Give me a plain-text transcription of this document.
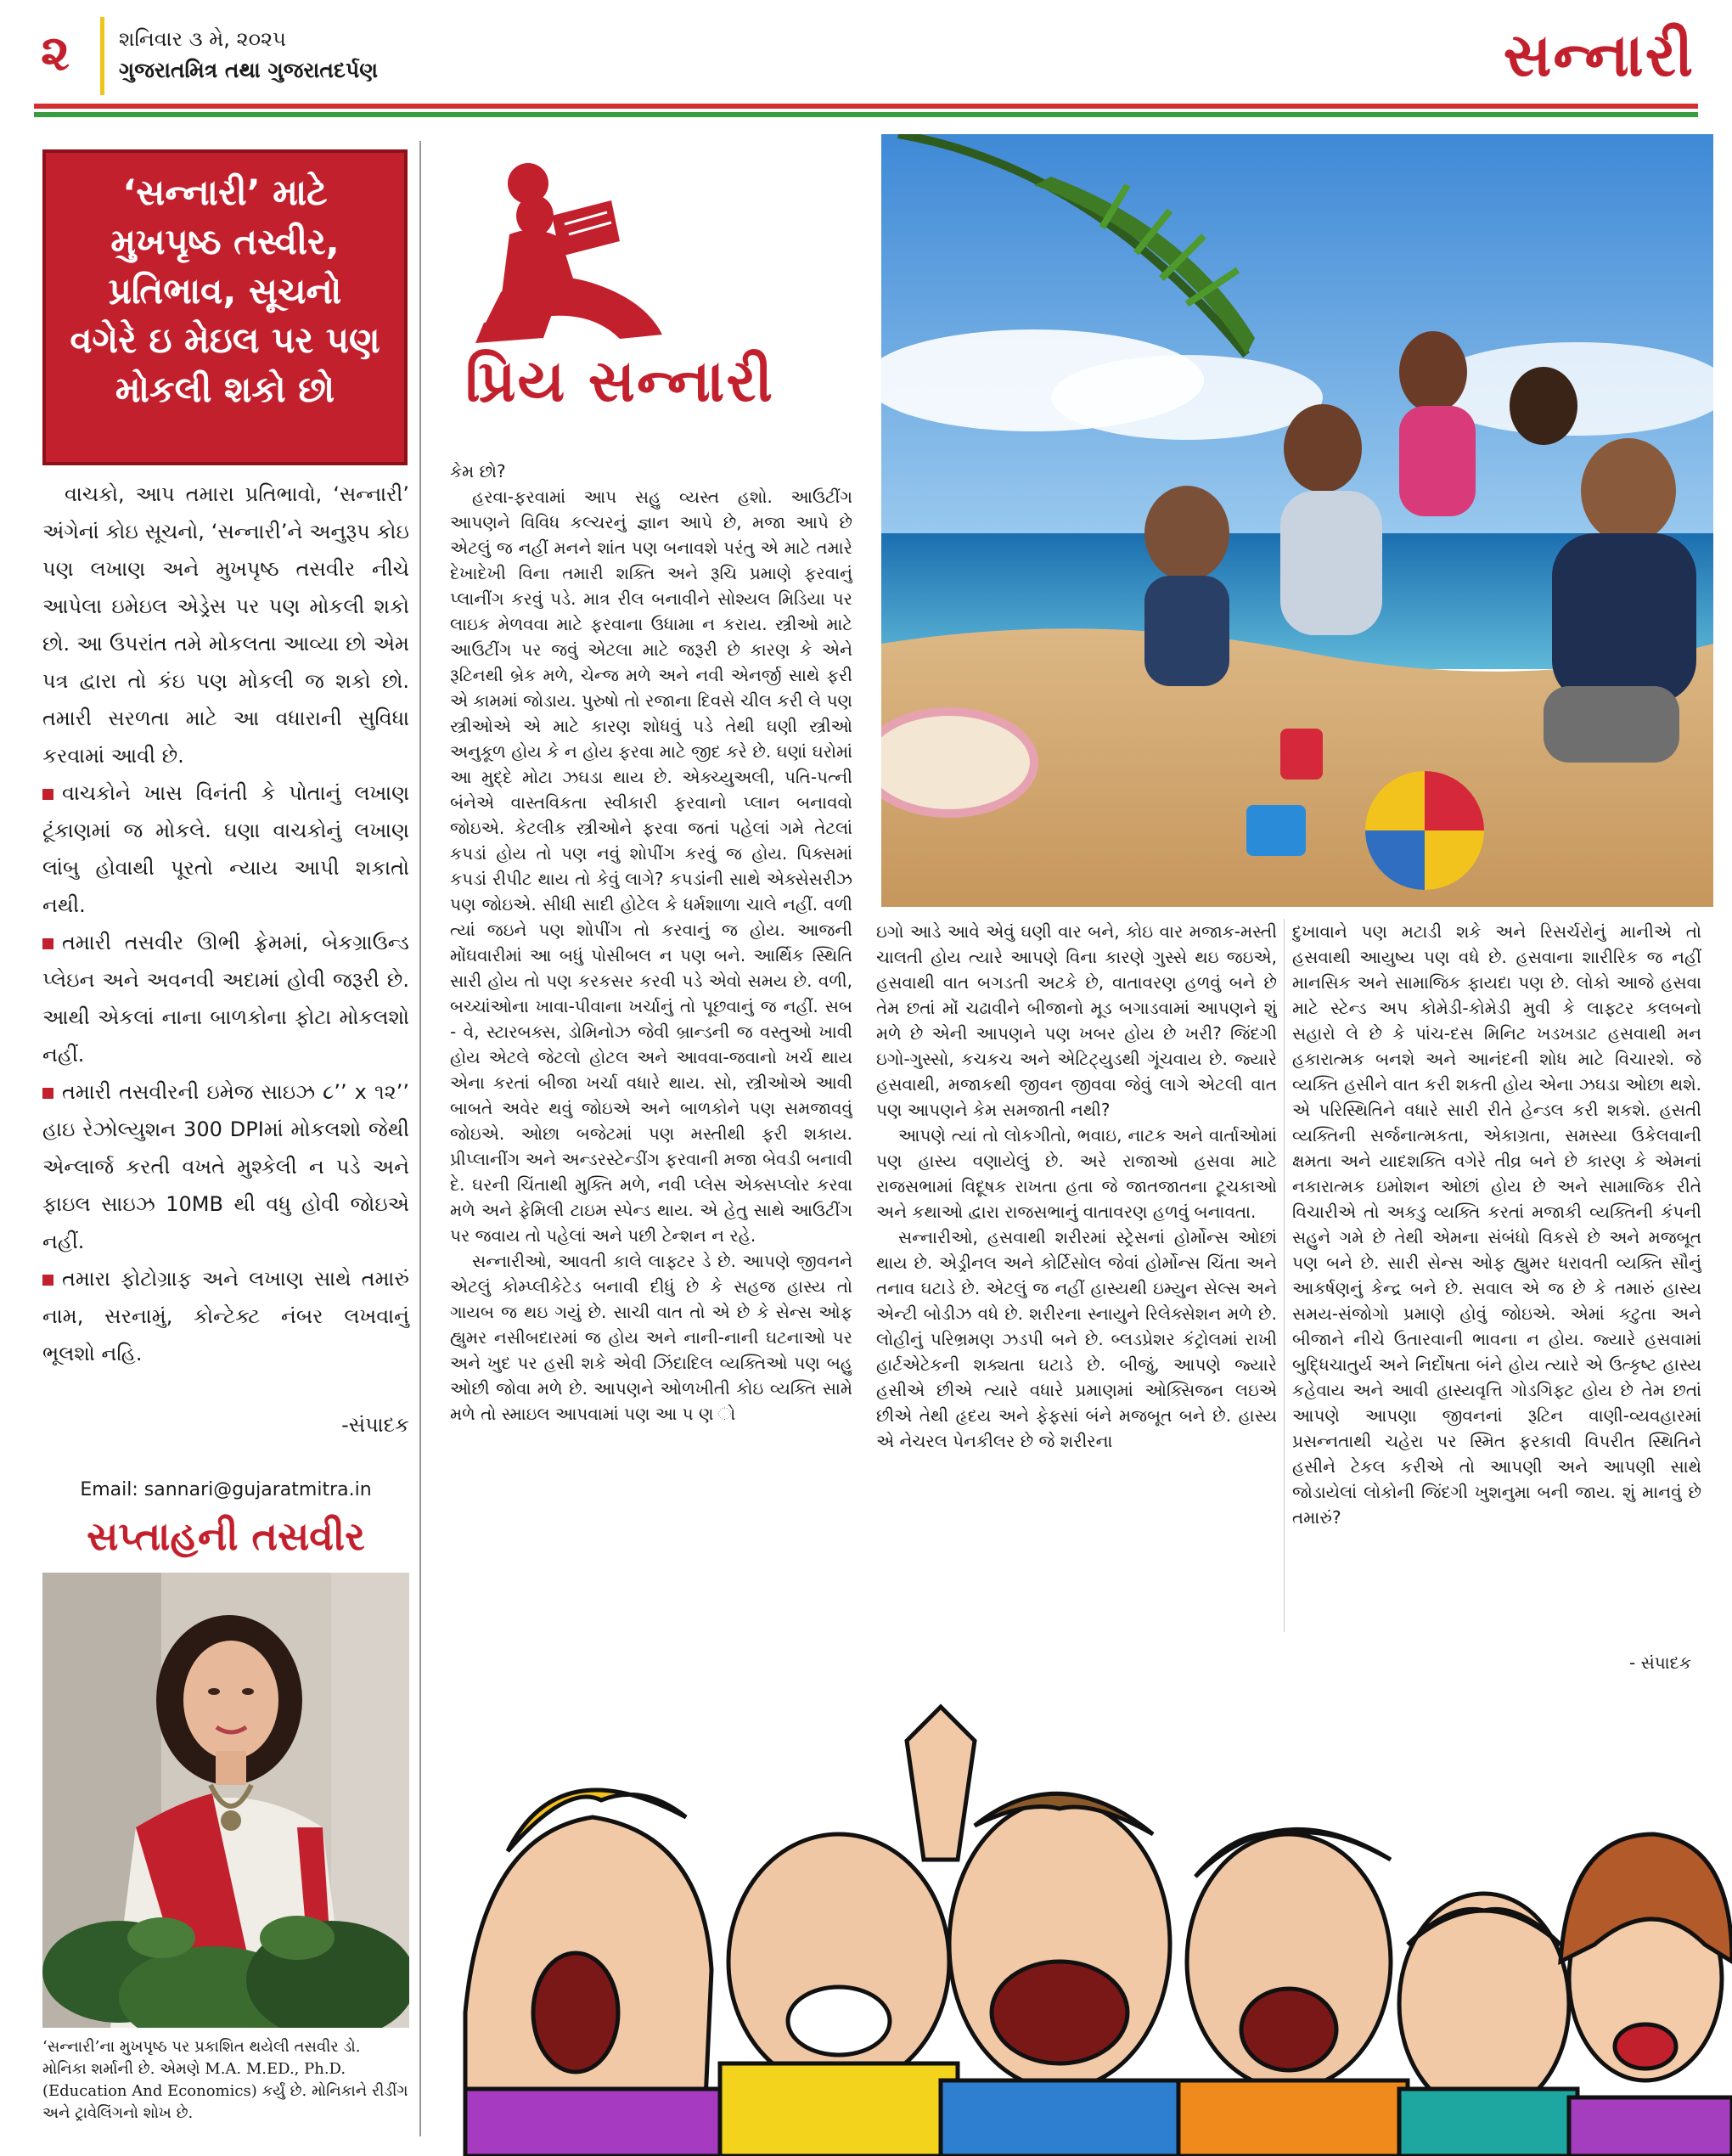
૨ શનિવાર ૩ મે, ૨૦૨૫
ગુજરાતમિત્ર તથા ગુજરાતદર્પણ	સન્નારી
‘સન્નારી’ માટે
મુખપૃષ્ઠ તસ્વીર,
પ્રતિભાવ, સૂચનો
વગેરે ઇ મેઇલ પર પણ
મોકલી શકો છો

વાચકો, આપ તમારા પ્રતિભાવો, ‘સન્નારી’ અંગેનાં કોઇ સૂચનો, ‘સન્નારી’ને અનુરૂપ કોઇ પણ લખાણ અને મુખપૃષ્ઠ તસવીર નીચે આપેલા ઇમેઇલ એડ્રેસ પર પણ મોકલી શકો છો. આ ઉપરાંત તમે મોકલતા આવ્યા છો એમ પત્ર દ્વારા તો કંઇ પણ મોકલી જ શકો છો. તમારી સરળતા માટે આ વધારાની સુવિધા કરવામાં આવી છે.

વાચકોને ખાસ વિનંતી કે પોતાનું લખાણ ટૂંકાણમાં જ મોકલે. ઘણા વાચકોનું લખાણ લાંબુ હોવાથી પૂરતો ન્યાય આપી શકાતો નથી.

તમારી તસવીર ઊભી ફ્રેમમાં, બેકગ્રાઉન્ડ પ્લેઇન અને અવનવી અદામાં હોવી જરૂરી છે. આથી એકલાં નાના બાળકોના ફોટા મોકલશો નહીં.

તમારી તસવીરની ઇમેજ સાઇઝ ૮’’ x ૧૨’’ હાઇ રેઝોલ્યુશન 300 DPIમાં મોકલશો જેથી એન્લાર્જ કરતી વખતે મુશ્કેલી ન પડે અને ફાઇલ સાઇઝ 10MB થી વધુ હોવી જોઇએ નહીં.

તમારા ફોટોગ્રાફ અને લખાણ સાથે તમારું નામ, સરનામું, કોન્ટેક્ટ નંબર લખવાનું ભૂલશો નહિ.

-સંપાદક
Email: sannari@gujaratmitra.in
સપ્તાહની તસવીર
‘સન્નારી’ના મુખપૃષ્ઠ પર પ્રકાશિત થયેલી તસવીર ડો. મોનિકા શર્માની છે. એમણે M.A. M.ED., Ph.D. (Education And Economics) કર્યું છે. મોનિકાને રીડીંગ અને ટ્રાવેલિંગનો શોખ છે.
પ્રિય સન્નારી

કેમ છો?

હરવા-ફરવામાં આપ સહુ વ્યસ્ત હશો. આઉટીંગ આપણને વિવિધ કલ્ચરનું જ્ઞાન આપે છે, મજા આપે છે એટલું જ નહીં મનને શાંત પણ બનાવશે પરંતુ એ માટે તમારે દેખાદેખી વિના તમારી શક્તિ અને રૂચિ પ્રમાણે ફરવાનું પ્લાનીંગ કરવું પડે. માત્ર રીલ બનાવીને સોશ્યલ મિડિયા પર લાઇક મેળવવા માટે ફરવાના ઉધામા ન કરાય. સ્ત્રીઓ માટે આઉટીંગ પર જવું એટલા માટે જરૂરી છે કારણ કે એને રૂટિનથી બ્રેક મળે, ચેન્જ મળે અને નવી એનર્જી સાથે ફરી એ કામમાં જોડાય. પુરુષો તો રજાના દિવસે ચીલ કરી લે પણ સ્ત્રીઓએ એ માટે કારણ શોધવું પડે તેથી ઘણી સ્ત્રીઓ અનુકૂળ હોય કે ન હોય ફરવા માટે જીદ કરે છે. ઘણાં ઘરોમાં આ મુદ્દે મોટા ઝઘડા થાય છે. એક્ચ્યુઅલી, પતિ-પત્ની બંનેએ વાસ્તવિકતા સ્વીકારી ફરવાનો પ્લાન બનાવવો જોઇએ. કેટલીક સ્ત્રીઓને ફરવા જતાં પહેલાં ગમે તેટલાં કપડાં હોય તો પણ નવું શોપીંગ કરવું જ હોય. પિક્સમાં કપડાં રીપીટ થાય તો કેવું લાગે? કપડાંની સાથે એક્સેસરીઝ પણ જોઇએ. સીધી સાદી હોટેલ કે ધર્મશાળા ચાલે નહીં. વળી ત્યાં જઇને પણ શોપીંગ તો કરવાનું જ હોય. આજની મોંઘવારીમાં આ બધું પોસીબલ ન પણ બને. આર્થિક સ્થિતિ સારી હોય તો પણ કરકસર કરવી પડે એવો સમય છે. વળી, બચ્ચાંઓના ખાવા-પીવાના ખર્ચાનું તો પૂછવાનું જ નહીં. સબ - વે, સ્ટારબક્સ, ડોમિનોઝ જેવી બ્રાન્ડની જ વસ્તુઓ ખાવી હોય એટલે જેટલો હોટલ અને આવવા-જવાનો ખર્ચ થાય એના કરતાં બીજા ખર્ચા વધારે થાય. સો, સ્ત્રીઓએ આવી બાબતે અવેર થવું જોઇએ અને બાળકોને પણ સમજાવવું જોઇએ. ઓછા બજેટમાં પણ મસ્તીથી ફરી શકાય. પ્રીપ્લાનીંગ અને અન્ડરસ્ટેન્ડીંગ ફરવાની મજા બેવડી બનાવી દે. ઘરની ચિંતાથી મુક્તિ મળે, નવી પ્લેસ એક્સપ્લોર કરવા મળે અને ફેમિલી ટાઇમ સ્પેન્ડ થાય. એ હેતુ સાથે આઉટીંગ પર જવાય તો પહેલાં અને પછી ટેન્શન ન રહે.

સન્નારીઓ, આવતી કાલે લાફ્ટર ડે છે. આપણે જીવનને એટલું કોમ્પ્લીકેટેડ બનાવી દીધું છે કે સહજ હાસ્ય તો ગાયબ જ થઇ ગયું છે. સાચી વાત તો એ છે કે સેન્સ ઓફ હ્યુમર નસીબદારમાં જ હોય અને નાની-નાની ઘટનાઓ પર અને ખુદ પર હસી શકે એવી ઝિંદાદિલ વ્યક્તિઓ પણ બહુ ઓછી જોવા મળે છે. આપણને ઓળખીતી કોઇ વ્યક્તિ સામે મળે તો સ્માઇલ આપવામાં પણ આ પ ણ ો

ઇગો આડે આવે એવું ઘણી વાર બને, કોઇ વાર મજાક-મસ્તી ચાલતી હોય ત્યારે આપણે વિના કારણે ગુસ્સે થઇ જઇએ, હસવાથી વાત બગડતી અટકે છે, વાતાવરણ હળવું બને છે તેમ છતાં મોં ચઢાવીને બીજાનો મૂડ બગાડવામાં આપણને શું મળે છે એની આપણને પણ ખબર હોય છે ખરી? જિંદગી ઇગો-ગુસ્સો, કચકચ અને એટિટ્યુડથી ગૂંચવાય છે. જ્યારે હસવાથી, મજાકથી જીવન જીવવા જેવું લાગે એટલી વાત પણ આપણને કેમ સમજાતી નથી?

આપણે ત્યાં તો લોકગીતો, ભવાઇ, નાટક અને વાર્તાઓમાં પણ હાસ્ય વણાયેલું છે. અરે રાજાઓ હસવા માટે રાજસભામાં વિદૂષક રાખતા હતા જે જાતજાતના ટૂચકાઓ અને કથાઓ દ્વારા રાજસભાનું વાતાવરણ હળવું બનાવતા.

સન્નારીઓ, હસવાથી શરીરમાં સ્ટ્રેસનાં હોર્મોન્સ ઓછાં થાય છે. એડ્રીનલ અને કોર્ટિસોલ જેવાં હોર્મોન્સ ચિંતા અને તનાવ ઘટાડે છે. એટલું જ નહીં હાસ્યથી ઇમ્યુન સેલ્સ અને એન્ટી બોડીઝ વધે છે. શરીરના સ્નાયુને રિલેક્સેશન મળે છે. લોહીનું પરિભ્રમણ ઝડપી બને છે. બ્લડપ્રેશર કંટ્રોલમાં રાખી હાર્ટએટેકની શક્યતા ઘટાડે છે. બીજું, આપણે જ્યારે હસીએ છીએ ત્યારે વધારે પ્રમાણમાં ઓક્સિજન લઇએ છીએ તેથી હૃદય અને ફેફસાં બંને મજબૂત બને છે. હાસ્ય એ નેચરલ પેનકીલર છે જે શરીરના

દુખાવાને પણ મટાડી શકે અને રિસર્ચરોનું માનીએ તો હસવાથી આયુષ્ય પણ વધે છે. હસવાના શારીરિક જ નહીં માનસિક અને સામાજિક ફાયદા પણ છે. લોકો આજે હસવા માટે સ્ટેન્ડ અપ કોમેડી-કોમેડી મુવી કે લાફ્ટર કલબનો સહારો લે છે કે પાંચ-દસ મિનિટ ખડખડાટ હસવાથી મન હકારાત્મક બનશે અને આનંદની શોધ માટે વિચારશે. જે વ્યક્તિ હસીને વાત કરી શકતી હોય એના ઝઘડા ઓછા થશે. એ પરિસ્થિતિને વધારે સારી રીતે હેન્ડલ કરી શકશે. હસતી વ્યક્તિની સર્જનાત્મકતા, એકાગ્રતા, સમસ્યા ઉકેલવાની ક્ષમતા અને યાદશક્તિ વગેરે તીવ્ર બને છે કારણ કે એમનાં નકારાત્મક ઇમોશન ઓછાં હોય છે અને સામાજિક રીતે વિચારીએ તો અકડુ વ્યક્તિ કરતાં મજાકી વ્યક્તિની કંપની સહુને ગમે છે તેથી એમના સંબંધો વિકસે છે અને મજબૂત પણ બને છે. સારી સેન્સ ઓફ હ્યુમર ધરાવતી વ્યક્તિ સૌનું આકર્ષણનું કેન્દ્ર બને છે. સવાલ એ જ છે કે તમારું હાસ્ય સમય-સંજોગો પ્રમાણે હોવું જોઇએ. એમાં કટુતા અને બીજાને નીચે ઉતારવાની ભાવના ન હોય. જ્યારે હસવામાં બુદ્ધિચાતુર્ય અને નિર્દોષતા બંને હોય ત્યારે એ ઉત્કૃષ્ટ હાસ્ય કહેવાય અને આવી હાસ્યવૃત્તિ ગોડગિફ્ટ હોય છે તેમ છતાં આપણે આપણા જીવનનાં રૂટિન વાણી-વ્યવહારમાં પ્રસન્નતાથી ચહેરા પર સ્મિત ફરકાવી વિપરીત સ્થિતિને હસીને ટેકલ કરીએ તો આપણી અને આપણી સાથે જોડાયેલાં લોકોની જિંદગી ખુશનુમા બની જાય. શું માનવું છે તમારું?

- સંપાદક
